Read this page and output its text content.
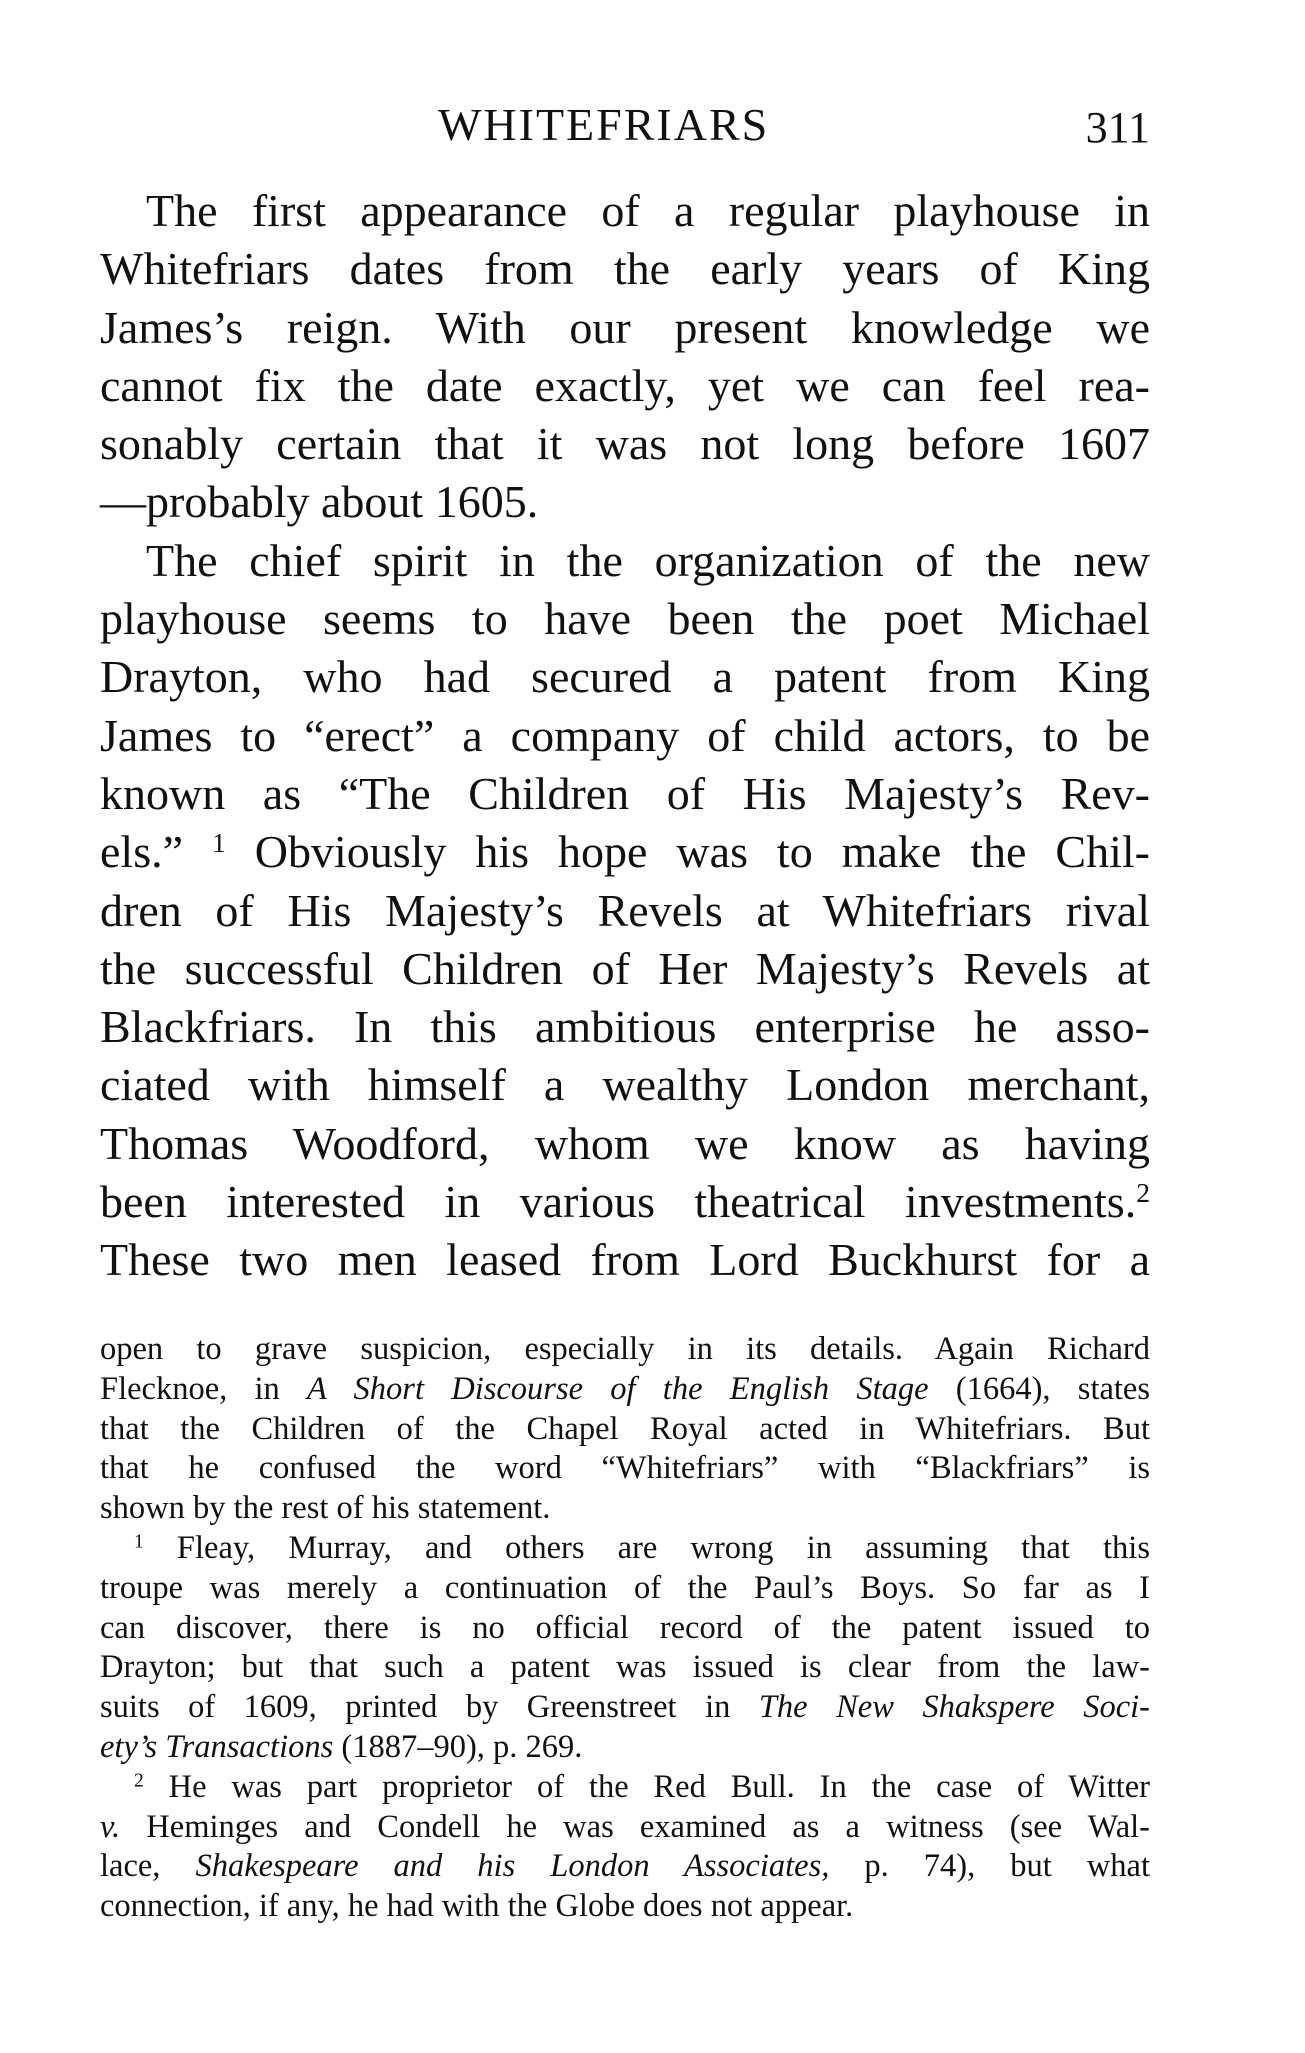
WHITEFRIARS	311
The first appearance of a regular playhouse in
Whitefriars dates from the early years of King
James’s reign. With our present knowledge we
cannot fix the date exactly, yet we can feel rea-
sonably certain that it was not long before 1607
—probably about 1605.
The chief spirit in the organization of the new
playhouse seems to have been the poet Michael
Drayton, who had secured a patent from King
James to “erect” a company of child actors, to be
known as “The Children of His Majesty’s Rev-
els.” $^1$ Obviously his hope was to make the Chil-
dren of His Majesty’s Revels at Whitefriars rival
the successful Children of Her Majesty’s Revels at
Blackfriars. In this ambitious enterprise he asso-
ciated with himself a wealthy London merchant,
Thomas Woodford, whom we know as having
been interested in various theatrical investments.$^2$
These two men leased from Lord Buckhurst for a
open to grave suspicion, especially in its details. Again Richard
Flecknoe, in A Short Discourse of the English Stage (1664), states
that the Children of the Chapel Royal acted in Whitefriars. But
that he confused the word “Whitefriars” with “Blackfriars” is
shown by the rest of his statement.
$^1$ Fleay, Murray, and others are wrong in assuming that this
troupe was merely a continuation of the Paul’s Boys. So far as I
can discover, there is no official record of the patent issued to
Drayton; but that such a patent was issued is clear from the law-
suits of 1609, printed by Greenstreet in The New Shakspere Soci-
ety’s Transactions (1887–90), p. 269.
$^2$ He was part proprietor of the Red Bull. In the case of Witter
v. Heminges and Condell he was examined as a witness (see Wal-
lace, Shakespeare and his London Associates, p. 74), but what
connection, if any, he had with the Globe does not appear.
